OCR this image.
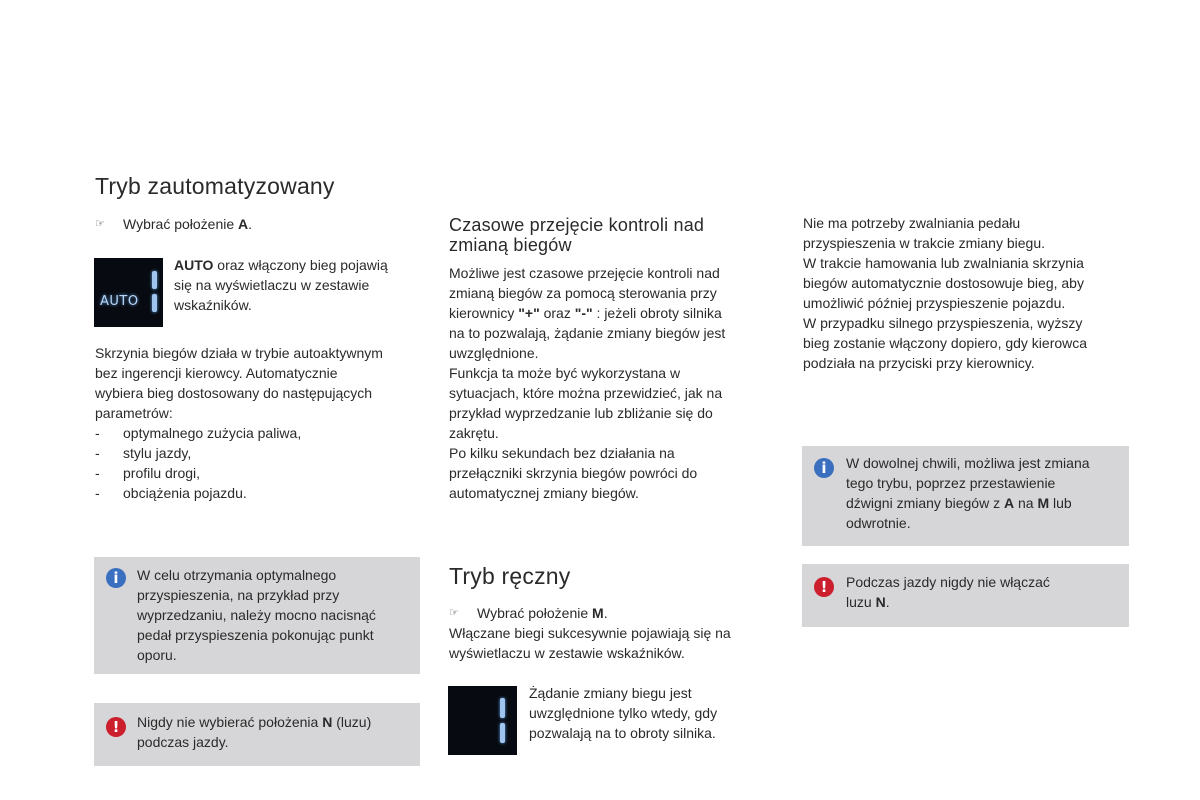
Tryb zautomatyzowany
☞	Wybrać położenie A.
AUTO

AUTO oraz włączony bieg pojawią

się na wyświetlaczu w zestawie

wskaźników.

Skrzynia biegów działa w trybie autoaktywnym

bez ingerencji kierowcy. Automatycznie

wybiera bieg dostosowany do następujących

parametrów:

-	optymalnego zużycia paliwa,
-	stylu jazdy,
-	profilu drogi,
-	obciążenia pojazdu.
i	W celu otrzymania optymalnego

przyspieszenia, na przykład przy

wyprzedzaniu, należy mocno nacisnąć

pedał przyspieszenia pokonując punkt

oporu.

!	Nigdy nie wybierać położenia N (luzu)

podczas jazdy.

Czasowe przejęcie kontroli nad
zmianą biegów

Możliwe jest czasowe przejęcie kontroli nad

zmianą biegów za pomocą sterowania przy

kierownicy "+" oraz "-" : jeżeli obroty silnika

na to pozwalają, żądanie zmiany biegów jest

uwzględnione.

Funkcja ta może być wykorzystana w

sytuacjach, które można przewidzieć, jak na

przykład wyprzedzanie lub zbliżanie się do

zakrętu.

Po kilku sekundach bez działania na

przełączniki skrzynia biegów powróci do

automatycznej zmiany biegów.

Tryb ręczny
☞	Wybrać położenie M.

Włączane biegi sukcesywnie pojawiają się na

wyświetlaczu w zestawie wskaźników.

Żądanie zmiany biegu jest

uwzględnione tylko wtedy, gdy

pozwalają na to obroty silnika.

Nie ma potrzeby zwalniania pedału

przyspieszenia w trakcie zmiany biegu.

W trakcie hamowania lub zwalniania skrzynia

biegów automatycznie dostosowuje bieg, aby

umożliwić później przyspieszenie pojazdu.

W przypadku silnego przyspieszenia, wyższy

bieg zostanie włączony dopiero, gdy kierowca

podziała na przyciski przy kierownicy.

i	W dowolnej chwili, możliwa jest zmiana

tego trybu, poprzez przestawienie

dźwigni zmiany biegów z A na M lub

odwrotnie.

!	Podczas jazdy nigdy nie włączać

luzu N.
